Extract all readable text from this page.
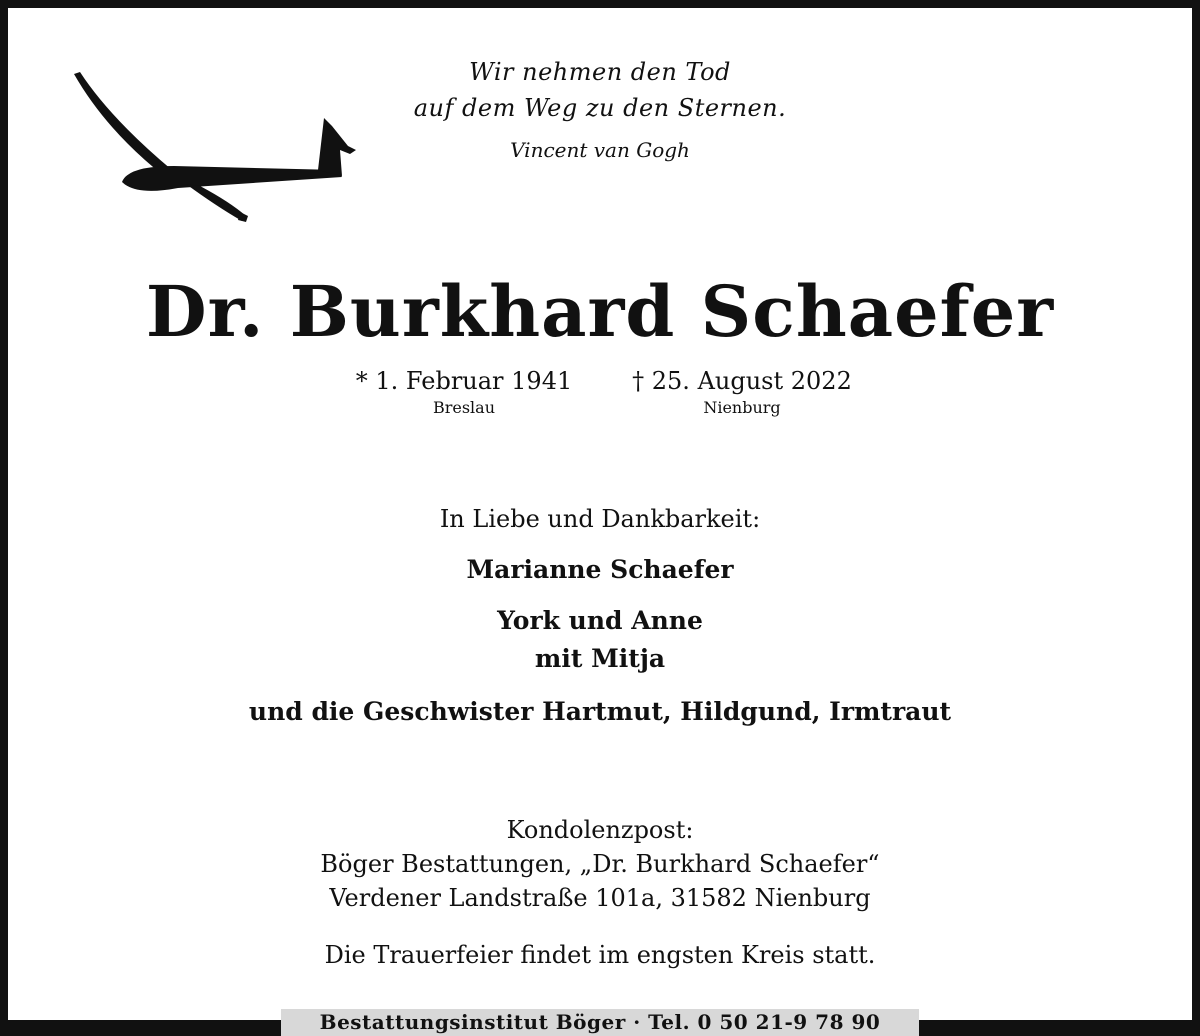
Wir nehmen den Tod
auf dem Weg zu den Sternen.
Vincent van Gogh
Dr. Burkhard Schaefer
* 1. Februar 1941
Breslau
† 25. August 2022
Nienburg
In Liebe und Dankbarkeit:
Marianne Schaefer
York und Anne
mit Mitja
und die Geschwister Hartmut, Hildgund, Irmtraut
Kondolenzpost:
Böger Bestattungen, „Dr. Burkhard Schaefer“
Verdener Landstraße 101a, 31582 Nienburg
Die Trauerfeier findet im engsten Kreis statt.
Bestattungsinstitut Böger · Tel. 0 50 21-9 78 90
